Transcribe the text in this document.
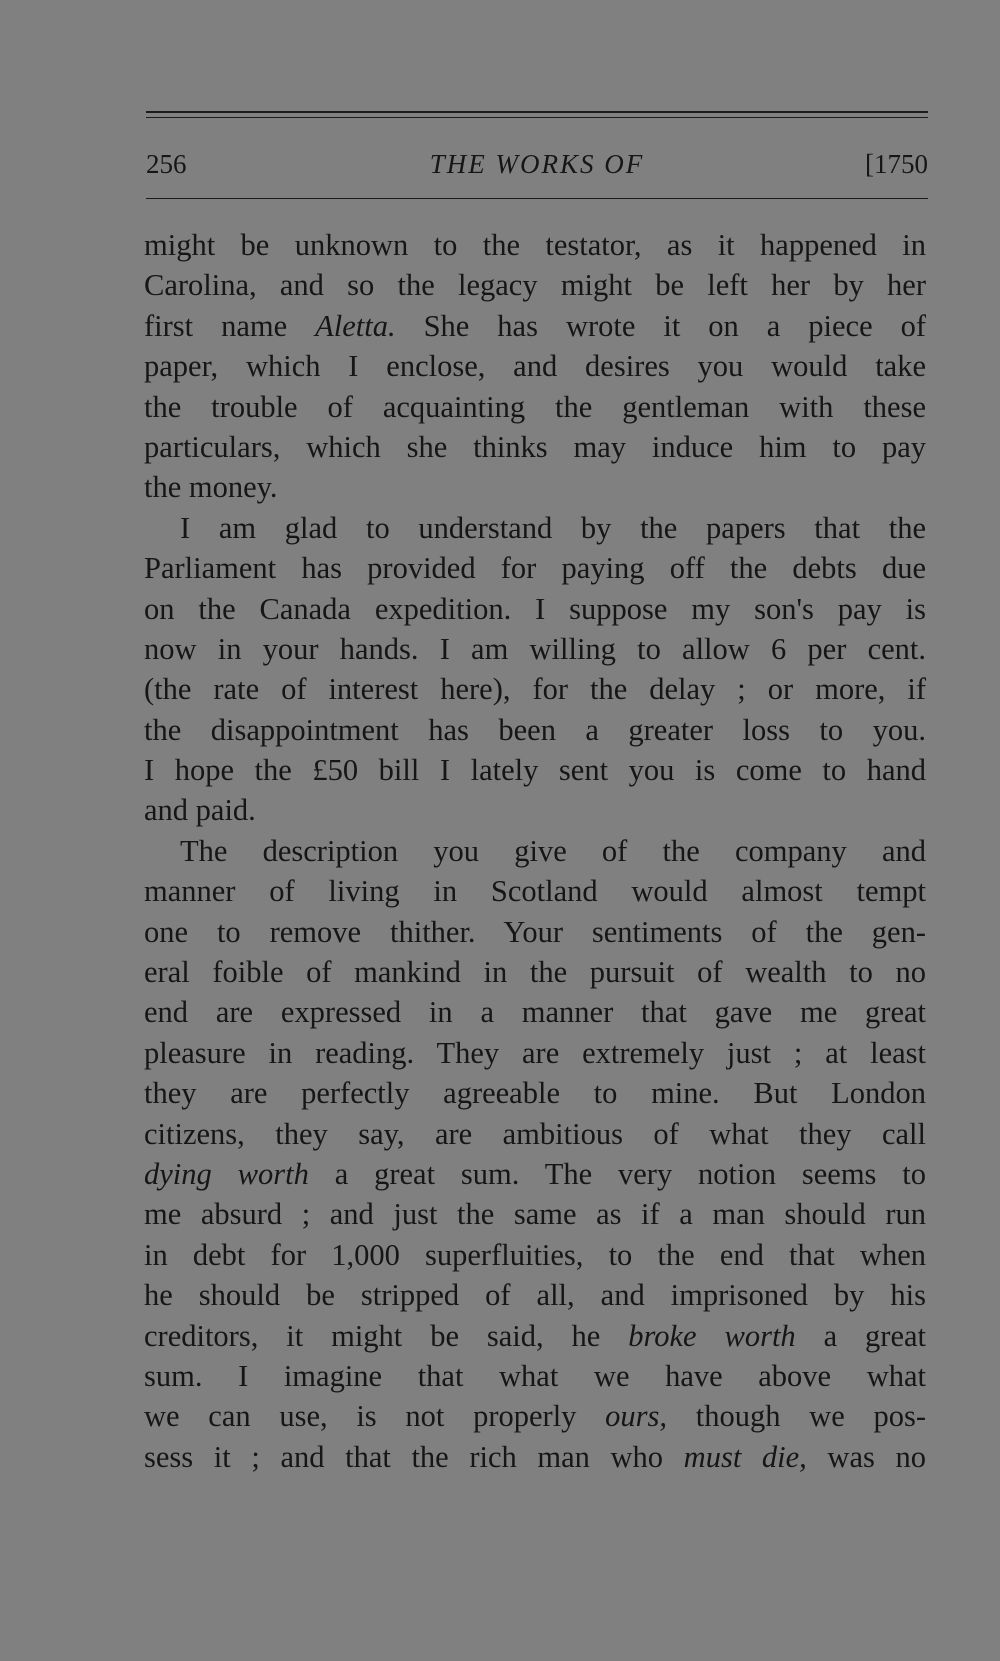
256	THE WORKS OF	[1750
might be unknown to the testator, as it happened in
Carolina, and so the legacy might be left her by her
first name Aletta. She has wrote it on a piece of
paper, which I enclose, and desires you would take
the trouble of acquainting the gentleman with these
particulars, which she thinks may induce him to pay
the money.
I am glad to understand by the papers that the
Parliament has provided for paying off the debts due
on the Canada expedition. I suppose my son's pay is
now in your hands. I am willing to allow 6 per cent.
(the rate of interest here), for the delay ; or more, if
the disappointment has been a greater loss to you.
I hope the £50 bill I lately sent you is come to hand
and paid.
The description you give of the company and
manner of living in Scotland would almost tempt
one to remove thither. Your sentiments of the gen-
eral foible of mankind in the pursuit of wealth to no
end are expressed in a manner that gave me great
pleasure in reading. They are extremely just ; at least
they are perfectly agreeable to mine. But London
citizens, they say, are ambitious of what they call
dying worth a great sum. The very notion seems to
me absurd ; and just the same as if a man should run
in debt for 1,000 superfluities, to the end that when
he should be stripped of all, and imprisoned by his
creditors, it might be said, he broke worth a great
sum. I imagine that what we have above what
we can use, is not properly ours, though we pos-
sess it ; and that the rich man who must die, was no
